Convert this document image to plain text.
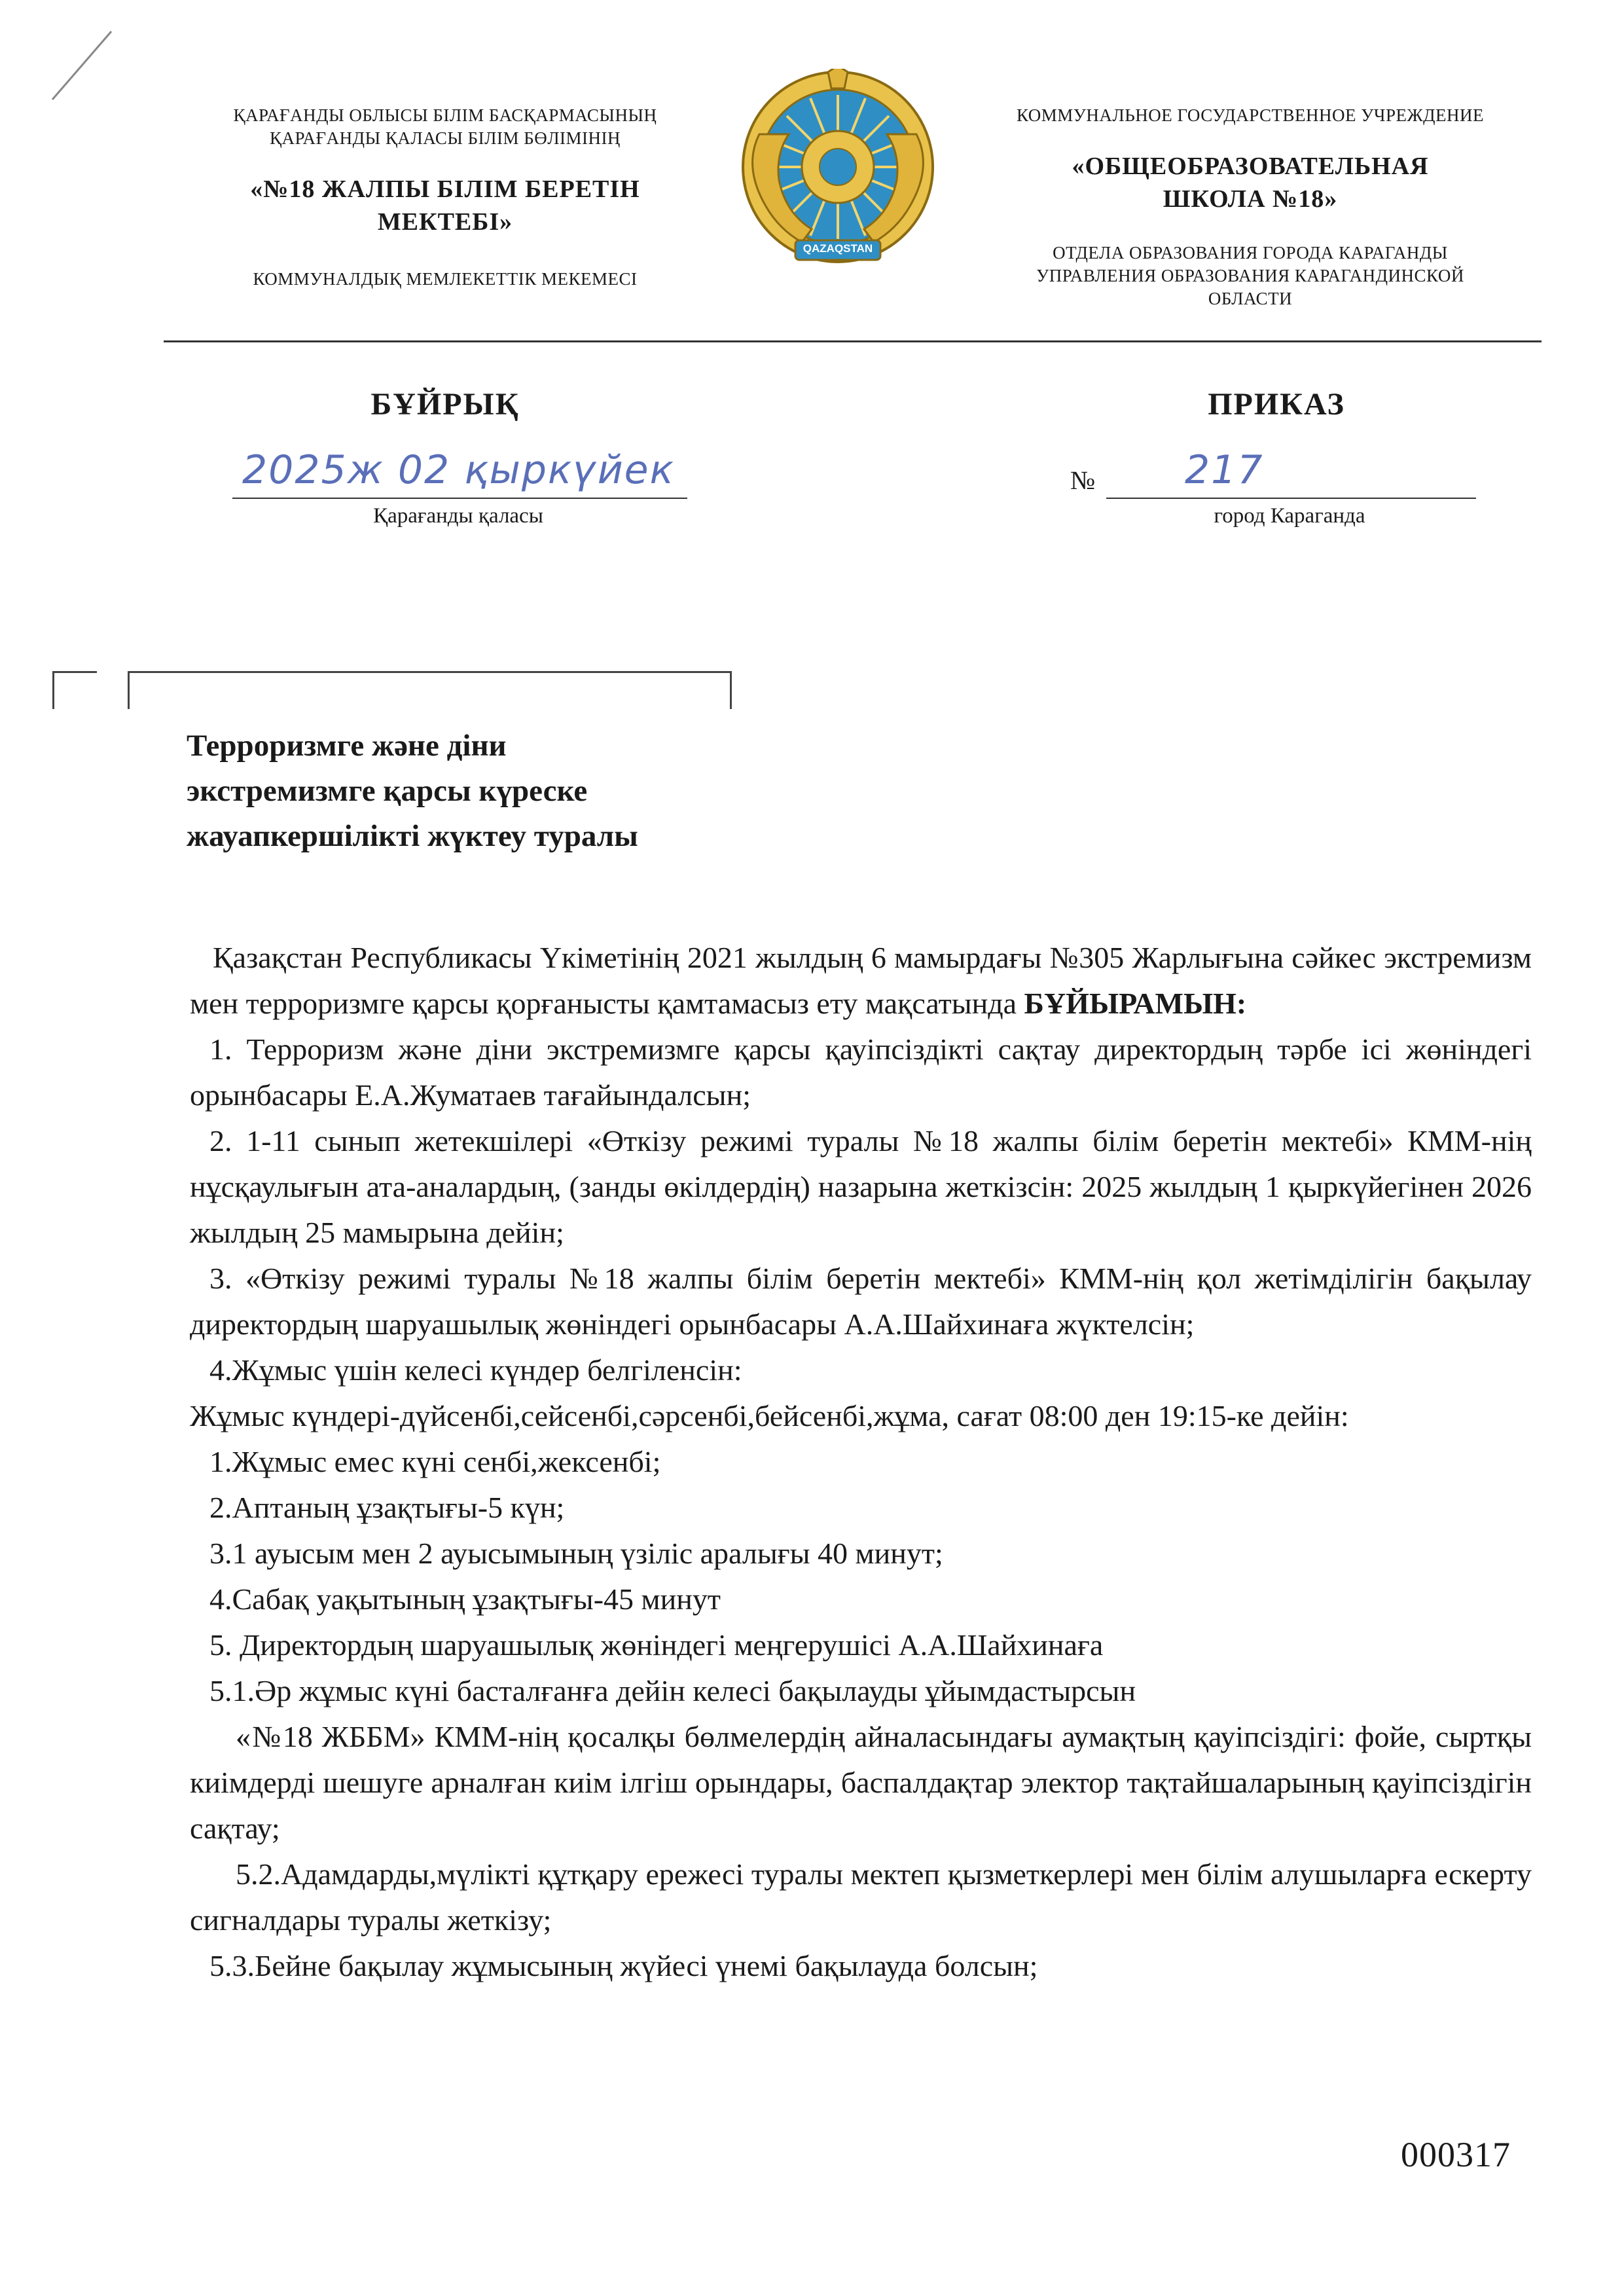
ҚАРАҒАНДЫ ОБЛЫСЫ БІЛІМ БАСҚАРМАСЫНЫҢ
ҚАРАҒАНДЫ ҚАЛАСЫ БІЛІМ БӨЛІМІНІҢ
«№18 ЖАЛПЫ БІЛІМ БЕРЕТІН
МЕКТЕБІ»
КОММУНАЛДЫҚ МЕМЛЕКЕТТІК МЕКЕМЕСІ
QAZAQSTAN
КОММУНАЛЬНОЕ ГОСУДАРСТВЕННОЕ УЧРЕЖДЕНИЕ
«ОБЩЕОБРАЗОВАТЕЛЬНАЯ
ШКОЛА №18»
ОТДЕЛА ОБРАЗОВАНИЯ ГОРОДА КАРАГАНДЫ
УПРАВЛЕНИЯ ОБРАЗОВАНИЯ КАРАГАНДИНСКОЙ
ОБЛАСТИ
БҰЙРЫҚ	ПРИКАЗ
2025ж 02 қыркүйек
Қарағанды қаласы
№ 217
город Караганда
Терроризмге және діни
экстремизмге қарсы күреске
жауапкершілікті жүктеу туралы

Қазақстан Республикасы Үкіметінің 2021 жылдың 6 мамырдағы №305 Жарлығына сәйкес экстремизм мен терроризмге қарсы қорғанысты қамтамасыз ету мақсатында БҰЙЫРАМЫН:

1. Терроризм және діни экстремизмге қарсы қауіпсіздікті сақтау директордың тәрбе ісі жөніндегі орынбасары Е.А.Жуматаев тағайындалсын;

2. 1-11 сынып жетекшілері «Өткізу режимі туралы №18 жалпы білім беретін мектебі» КММ-нің нұсқаулығын ата-аналардың, (занды өкілдердің) назарына жеткізсін: 2025 жылдың 1 қыркүйегінен 2026 жылдың 25 мамырына дейін;

3. «Өткізу режимі туралы №18 жалпы білім беретін мектебі» КММ-нің қол жетімділігін бақылау директордың шаруашылық жөніндегі орынбасары А.А.Шайхинаға жүктелсін;

4.Жұмыс үшін келесі күндер белгіленсін:

Жұмыс күндері-дүйсенбі,сейсенбі,сәрсенбі,бейсенбі,жұма, сағат 08:00 ден 19:15-ке дейін:

1.Жұмыс емес күні сенбі,жексенбі;

2.Аптаның ұзақтығы-5 күн;

3.1 ауысым мен 2 ауысымының үзіліс аралығы 40 минут;

4.Сабақ уақытының ұзақтығы-45 минут

5. Директордың шаруашылық жөніндегі меңгерушісі А.А.Шайхинаға

5.1.Әр жұмыс күні басталғанға дейін келесі бақылауды ұйымдастырсын

«№18 ЖББМ» КММ-нің қосалқы бөлмелердің айналасындағы аумақтың қауіпсіздігі: фойе, сыртқы киімдерді шешуге арналған киім ілгіш орындары, баспалдақтар электор тақтайшаларының қауіпсіздігін сақтау;

5.2.Адамдарды,мүлікті құтқару ережесі туралы мектеп қызметкерлері мен білім алушыларға ескерту сигналдары туралы жеткізу;

5.3.Бейне бақылау жұмысының жүйесі үнемі бақылауда болсын;

000317
